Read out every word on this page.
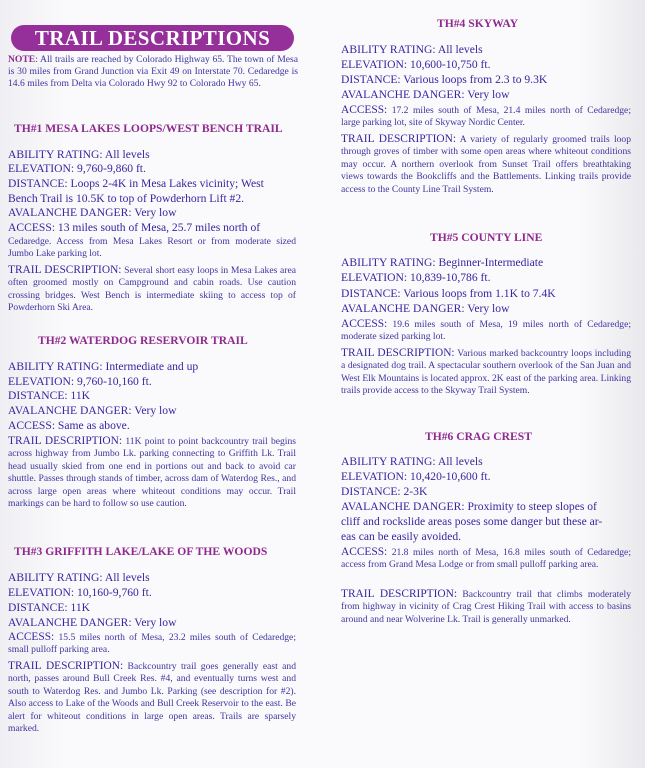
TRAIL DESCRIPTIONS
NOTE: All trails are reached by Colorado Highway 65. The town of Mesa is 30 miles from Grand Junction via Exit 49 on Interstate 70. Cedaredge is 14.6 miles from Delta via Colorado Hwy 92 to Colorado Hwy 65.
TH#1 MESA LAKES LOOPS/WEST BENCH TRAIL
ABILITY RATING: All levels
ELEVATION: 9,760-9,860 ft.
DISTANCE: Loops 2-4K in Mesa Lakes vicinity; West
Bench Trail is 10.5K to top of Powderhorn Lift #2.
AVALANCHE DANGER: Very low
ACCESS: 13 miles south of Mesa, 25.7 miles north of
Cedaredge. Access from Mesa Lakes Resort or from moderate sized Jumbo Lake parking lot.
TRAIL DESCRIPTION: Several short easy loops in Mesa Lakes area often groomed mostly on Campground and cabin roads. Use caution crossing bridges. West Bench is intermediate skiing to access top of Powderhorn Ski Area.
TH#2 WATERDOG RESERVOIR TRAIL
ABILITY RATING: Intermediate and up
ELEVATION: 9,760-10,160 ft.
DISTANCE: 11K
AVALANCHE DANGER: Very low
ACCESS: Same as above.
TRAIL DESCRIPTION: 11K point to point backcountry trail begins across highway from Jumbo Lk. parking connecting to Griffith Lk. Trail head usually skied from one end in portions out and back to avoid car shuttle. Passes through stands of timber, across dam of Waterdog Res., and across large open areas where whiteout conditions may occur. Trail markings can be hard to follow so use caution.
TH#3 GRIFFITH LAKE/LAKE OF THE WOODS
ABILITY RATING: All levels
ELEVATION: 10,160-9,760 ft.
DISTANCE: 11K
AVALANCHE DANGER: Very low
ACCESS: 15.5 miles north of Mesa, 23.2 miles south of Cedaredge; small pulloff parking area.
TRAIL DESCRIPTION: Backcountry trail goes generally east and north, passes around Bull Creek Res. #4, and eventually turns west and south to Waterdog Res. and Jumbo Lk. Parking (see description for #2). Also access to Lake of the Woods and Bull Creek Reservoir to the east. Be alert for whiteout conditions in large open areas. Trails are sparsely marked.
TH#4 SKYWAY
ABILITY RATING: All levels
ELEVATION: 10,600-10,750 ft.
DISTANCE: Various loops from 2.3 to 9.3K
AVALANCHE DANGER: Very low
ACCESS: 17.2 miles south of Mesa, 21.4 miles north of Cedaredge; large parking lot, site of Skyway Nordic Center.
TRAIL DESCRIPTION: A variety of regularly groomed trails loop through groves of timber with some open areas where whiteout conditions may occur. A northern overlook from Sunset Trail offers breathtaking views towards the Bookcliffs and the Battlements. Linking trails provide access to the County Line Trail System.
TH#5 COUNTY LINE
ABILITY RATING: Beginner-Intermediate
ELEVATION: 10,839-10,786 ft.
DISTANCE: Various loops from 1.1K to 7.4K
AVALANCHE DANGER: Very low
ACCESS: 19.6 miles south of Mesa, 19 miles north of Cedaredge; moderate sized parking lot.
TRAIL DESCRIPTION: Various marked backcountry loops including a designated dog trail. A spectacular southern overlook of the San Juan and West Elk Mountains is located approx. 2K east of the parking area. Linking trails provide access to the Skyway Trail System.
TH#6 CRAG CREST
ABILITY RATING: All levels
ELEVATION: 10,420-10,600 ft.
DISTANCE: 2-3K
AVALANCHE DANGER: Proximity to steep slopes of
cliff and rockslide areas poses some danger but these ar-
eas can be easily avoided.
ACCESS: 21.8 miles north of Mesa, 16.8 miles south of Cedaredge; access from Grand Mesa Lodge or from small pulloff parking area.
TRAIL DESCRIPTION: Backcountry trail that climbs moderately from highway in vicinity of Crag Crest Hiking Trail with access to basins around and near Wolverine Lk. Trail is generally unmarked.
